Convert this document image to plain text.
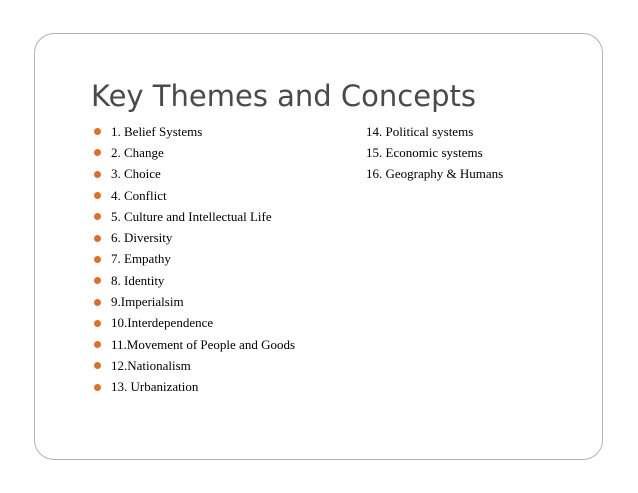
Key Themes and Concepts
1. Belief Systems
2. Change
3. Choice
4. Conflict
5. Culture and Intellectual Life
6. Diversity
7. Empathy
8. Identity
9.Imperialsim
10.Interdependence
11.Movement of People and Goods
12.Nationalism
13. Urbanization
14. Political systems
15. Economic systems
16. Geography & Humans
